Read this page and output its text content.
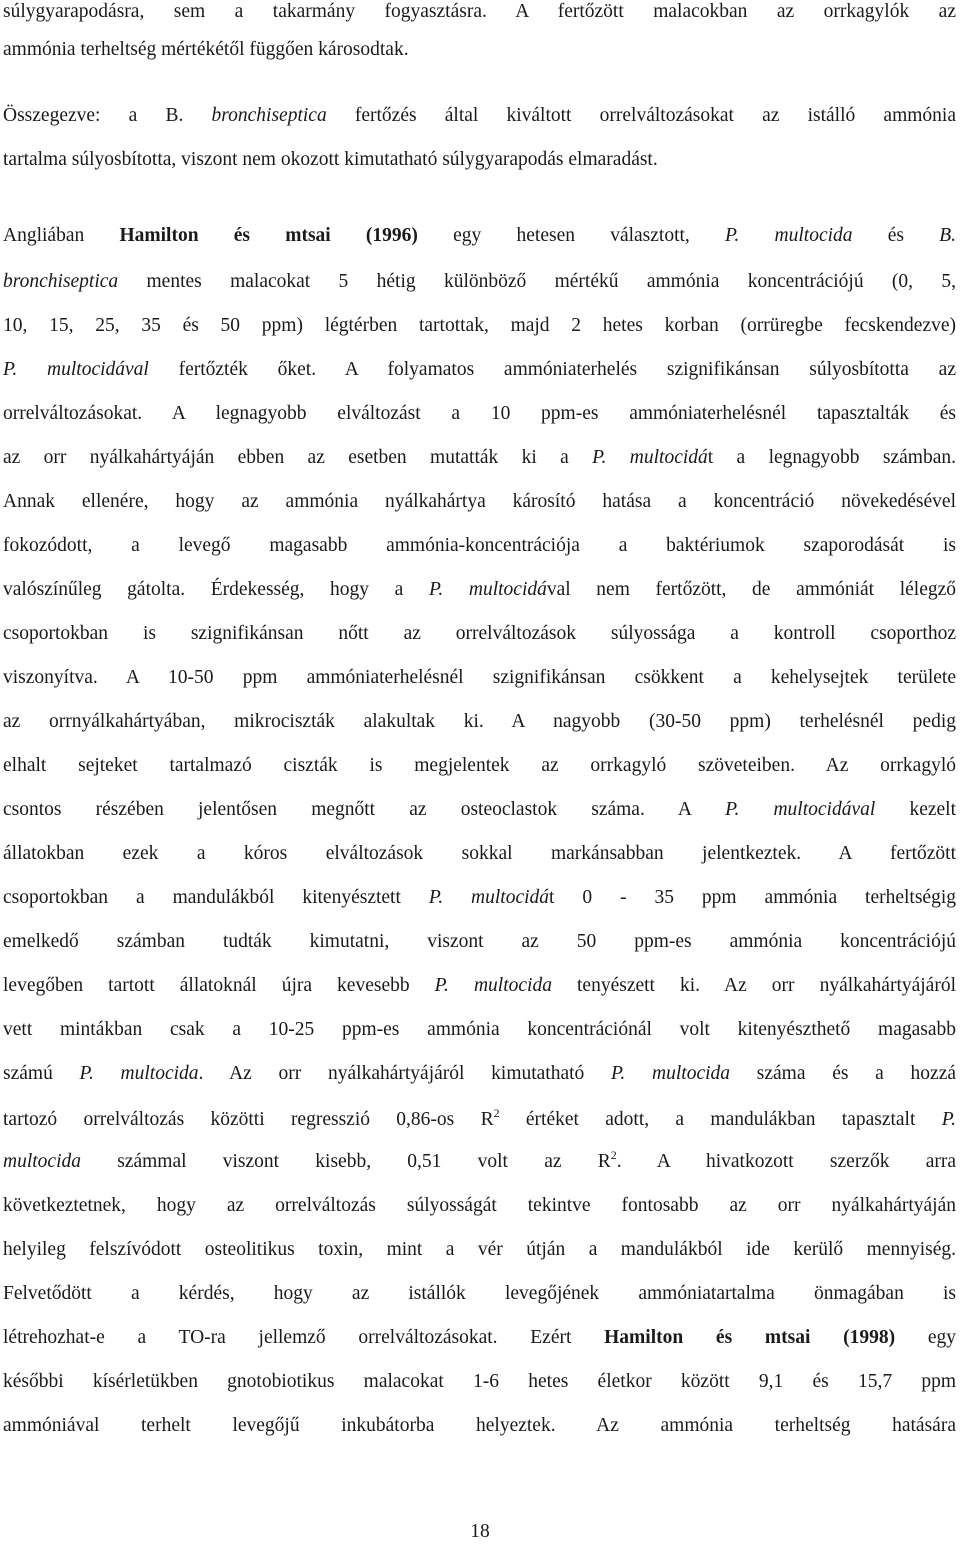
súlygyarapodásra, sem a takarmány fogyasztásra. A fertőzött malacokban az orrkagylók az
ammónia terheltség mértékétől függően károsodtak.
Összegezve: a B. bronchiseptica fertőzés által kiváltott orrelváltozásokat az istálló ammónia
tartalma súlyosbította, viszont nem okozott kimutatható súlygyarapodás elmaradást.
Angliában Hamilton és mtsai (1996) egy hetesen választott, P. multocida és B.
bronchiseptica mentes malacokat 5 hétig különböző mértékű ammónia koncentrációjú (0, 5,
10, 15, 25, 35 és 50 ppm) légtérben tartottak, majd 2 hetes korban (orrüregbe fecskendezve)
P. multocidával fertőzték őket. A folyamatos ammóniaterhelés szignifikánsan súlyosbította az
orrelváltozásokat. A legnagyobb elváltozást a 10 ppm-es ammóniaterhelésnél tapasztalták és
az orr nyálkahártyáján ebben az esetben mutatták ki a P. multocidát a legnagyobb számban.
Annak ellenére, hogy az ammónia nyálkahártya károsító hatása a koncentráció növekedésével
fokozódott, a levegő magasabb ammónia-koncentrációja a baktériumok szaporodását is
valószínűleg gátolta. Érdekesség, hogy a P. multocidával nem fertőzött, de ammóniát lélegző
csoportokban is szignifikánsan nőtt az orrelváltozások súlyossága a kontroll csoporthoz
viszonyítva. A 10-50 ppm ammóniaterhelésnél szignifikánsan csökkent a kehelysejtek területe
az orrnyálkahártyában, mikrociszták alakultak ki. A nagyobb (30-50 ppm) terhelésnél pedig
elhalt sejteket tartalmazó ciszták is megjelentek az orrkagyló szöveteiben. Az orrkagyló
csontos részében jelentősen megnőtt az osteoclastok száma. A P. multocidával kezelt
állatokban ezek a kóros elváltozások sokkal markánsabban jelentkeztek. A fertőzött
csoportokban a mandulákból kitenyésztett P. multocidát 0 - 35 ppm ammónia terheltségig
emelkedő számban tudták kimutatni, viszont az 50 ppm-es ammónia koncentrációjú
levegőben tartott állatoknál újra kevesebb P. multocida tenyészett ki. Az orr nyálkahártyájáról
vett mintákban csak a 10-25 ppm-es ammónia koncentrációnál volt kitenyészthető magasabb
számú P. multocida. Az orr nyálkahártyájáról kimutatható P. multocida száma és a hozzá
tartozó orrelváltozás közötti regresszió 0,86-os $R^2$ értéket adott, a mandulákban tapasztalt P.
multocida számmal viszont kisebb, 0,51 volt az $R^2$. A hivatkozott szerzők arra
következtetnek, hogy az orrelváltozás súlyosságát tekintve fontosabb az orr nyálkahártyáján
helyileg felszívódott osteolitikus toxin, mint a vér útján a mandulákból ide kerülő mennyiség.
Felvetődött a kérdés, hogy az istállók levegőjének ammóniatartalma önmagában is
létrehozhat-e a TO-ra jellemző orrelváltozásokat. Ezért Hamilton és mtsai (1998) egy
későbbi kísérletükben gnotobiotikus malacokat 1-6 hetes életkor között 9,1 és 15,7 ppm
ammóniával terhelt levegőjű inkubátorba helyeztek. Az ammónia terheltség hatására
18
